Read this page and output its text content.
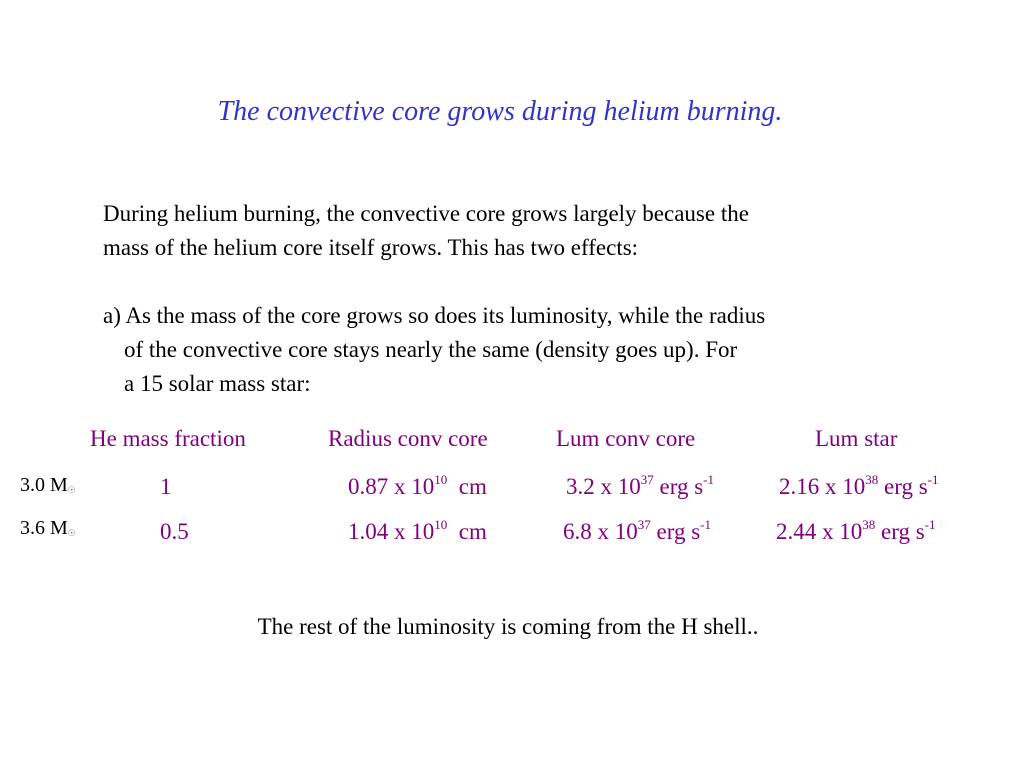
The convective core grows during helium burning.
During helium burning, the convective core grows largely because the
mass of the helium core itself grows. This has two effects:
a) As the mass of the core grows so does its luminosity, while the radius
of the convective core stays nearly the same (density goes up). For
a 15 solar mass star:
He mass fraction	Radius conv core	Lum conv core	Lum star
3.0 M☉	1	0.87 x $10^{10}$ cm	3.2 x $10^{37}$ erg $s^{-1}$	2.16 x $10^{38}$ erg $s^{-1}$
3.6 M☉	0.5	1.04 x $10^{10}$ cm	6.8 x $10^{37}$ erg $s^{-1}$	2.44 x $10^{38}$ erg $s^{-1}$
The rest of the luminosity is coming from the H shell..
